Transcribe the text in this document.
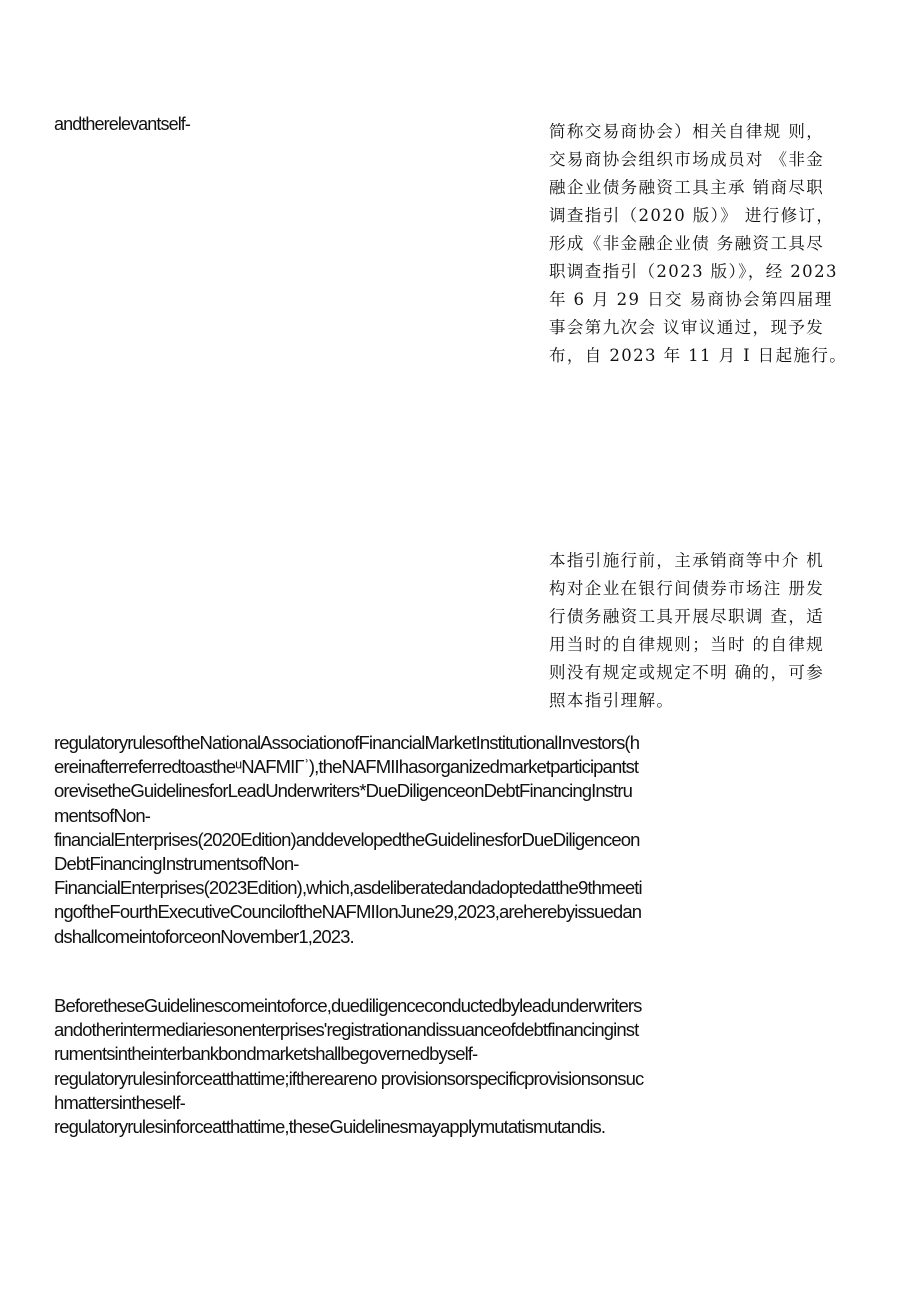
andtherelevantself-	简称交易商协会）相关自律规 则，
交易商协会组织市场成员对 《非金
融企业债务融资工具主承 销商尽职
调查指引（2020 版）》 进行修订，
形成《非金融企业债 务融资工具尽
职调查指引（2023 版）》，经 2023
年 6 月 29 日交 易商协会第四届理
事会第九次会 议审议通过，现予发
布，自 2023 年 11 月 I 日起施行。
本指引施行前，主承销商等中介 机
构对企业在银行间债券市场注 册发
行债务融资工具开展尽职调 查，适
用当时的自律规则；当时 的自律规
则没有规定或规定不明 确的，可参
照本指引理解。
regulatoryrulesoftheNationalAssociationofFinancialMarketInstitutionalInvestors(h
ereinafterreferredtoastheᵘNAFMIΓʾ),theNAFMIIhasorganizedmarketparticipantst
orevisetheGuidelinesforLeadUnderwriters*DueDiligenceonDebtFinancingInstru
mentsofNon-
financialEnterprises(2020Edition)anddevelopedtheGuidelinesforDueDiligenceon
DebtFinancingInstrumentsofNon-
FinancialEnterprises(2023Edition),which,asdeliberatedandadoptedatthe9thmeeti
ngoftheFourthExecutiveCounciloftheNAFMIIonJune29,2023,areherebyissuedan
dshallcomeintoforceonNovember1,2023.
BeforetheseGuidelinescomeintoforce,duediligenceconductedbyleadunderwriters
andotherintermediariesonenterprises'registrationandissuanceofdebtfinancinginst
rumentsintheinterbankbondmarketshallbegovernedbyself-
regulatoryrulesinforceatthattime;ifthereareno provisionsorspecificprovisionsonsuc
hmattersintheself-
regulatoryrulesinforceatthattime,theseGuidelinesmayapplymutatismutandis.
